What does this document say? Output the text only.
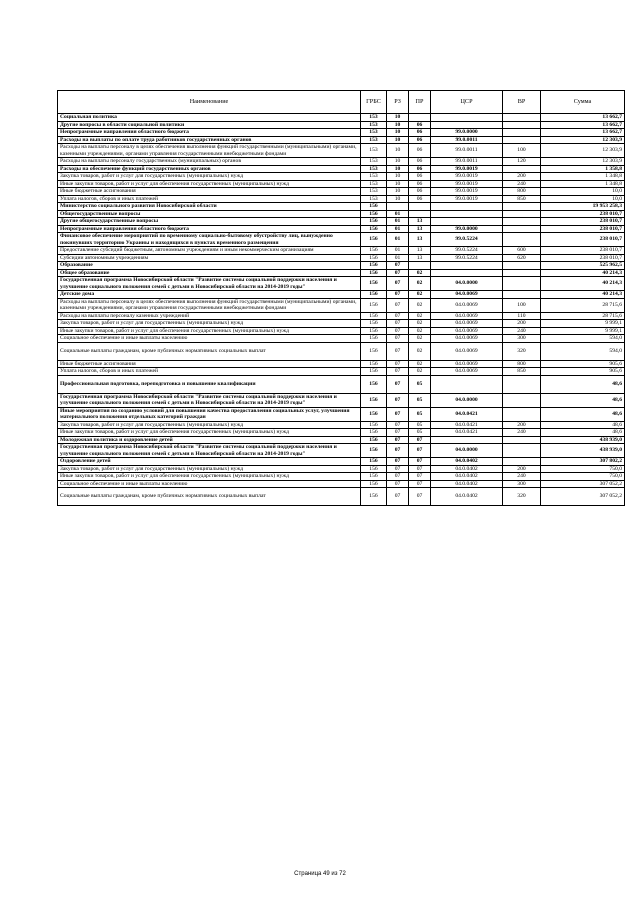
Наименование	ГРБС	РЗ	ПР	ЦСР	ВР	Сумма
Социальная политика	153	10				13 662,7
Другие вопросы в области социальной политики	153	10	06			13 662,7
Непрограммные направления областного бюджета	153	10	06	99.0.0000		13 662,7
Расходы на выплаты по оплате труда работников государственных органов	153	10	06	99.0.0011		12 303,9
Расходы на выплаты персоналу в целях обеспечения выполнения функций государственными (муниципальными) органами, казенными учреждениями, органами управления государственными внебюджетными фондами	153	10	06	99.0.0011	100	12 303,9
Расходы на выплаты персоналу государственных (муниципальных) органов	153	10	06	99.0.0011	120	12 303,9
Расходы на обеспечение функций государственных органов	153	10	06	99.0.0019		1 358,8
Закупка товаров, работ и услуг для государственных (муниципальных) нужд	153	10	06	99.0.0019	200	1 348,8
Иные закупки товаров, работ и услуг для обеспечения государственных (муниципальных) нужд	153	10	06	99.0.0019	240	1 348,8
Иные бюджетные ассигнования	153	10	06	99.0.0019	800	10,0
Уплата налогов, сборов и иных платежей	153	10	06	99.0.0019	850	10,0
Министерство социального развития Новосибирской области	156					19 953 258,3
Общегосударственные вопросы	156	01				238 010,7
Другие общегосударственные вопросы	156	01	13			238 010,7
Непрограммные направления областного бюджета	156	01	13	99.0.0000		238 010,7
Финансовое обеспечение мероприятий по временному социально-бытовому обустройству лиц, вынужденно покинувших территорию Украины и находящихся в пунктах временного размещения	156	01	13	99.0.5224		238 010,7
Предоставление субсидий бюджетным, автономным учреждениям и иным некоммерческим организациям	156	01	13	99.0.5224	600	238 010,7
Субсидии автономным учреждениям	156	01	13	99.0.5224	620	238 010,7
Образование	156	07				525 962,5
Общее образование	156	07	02			40 214,3
Государственная программа Новосибирской области "Развитие системы социальной поддержки населения и улучшение социального положения семей с детьми в Новосибирской области на 2014-2019 годы"	156	07	02	04.0.0000		40 214,3
Детские дома	156	07	02	04.0.0069		40 214,3
Расходы на выплаты персоналу в целях обеспечения выполнения функций государственными (муниципальными) органами, казенными учреждениями, органами управления государственными внебюджетными фондами	156	07	02	04.0.0069	100	28 715,6
Расходы на выплаты персоналу казенных учреждений	156	07	02	04.0.0069	110	28 715,6
Закупка товаров, работ и услуг для государственных (муниципальных) нужд	156	07	02	04.0.0069	200	9 999,1
Иные закупки товаров, работ и услуг для обеспечения государственных (муниципальных) нужд	156	07	02	04.0.0069	240	9 999,1
Социальное обеспечение и иные выплаты населению	156	07	02	04.0.0069	300	594,0
Социальные выплаты гражданам, кроме публичных нормативных социальных выплат	156	07	02	04.0.0069	320	594,0
Иные бюджетные ассигнования	156	07	02	04.0.0069	800	905,6
Уплата налогов, сборов и иных платежей	156	07	02	04.0.0069	850	905,6
Профессиональная подготовка, переподготовка и повышение квалификации	156	07	05			48,6
Государственная программа Новосибирской области "Развитие системы социальной поддержки населения и улучшение социального положения семей с детьми в Новосибирской области на 2014-2019 годы"	156	07	05	04.0.0000		48,6
Иные мероприятия по созданию условий для повышения качества предоставления социальных услуг, улучшения материального положения отдельных категорий граждан	156	07	05	04.0.0421		48,6
Закупка товаров, работ и услуг для государственных (муниципальных) нужд	156	07	05	04.0.0421	200	48,6
Иные закупки товаров, работ и услуг для обеспечения государственных (муниципальных) нужд	156	07	05	04.0.0421	240	48,6
Молодежная политика и оздоровление детей	156	07	07			438 939,0
Государственная программа Новосибирской области "Развитие системы социальной поддержки населения и улучшение социального положения семей с детьми в Новосибирской области на 2014-2019 годы"	156	07	07	04.0.0000		438 939,0
Оздоровление детей	156	07	07	04.0.0402		307 802,2
Закупка товаров, работ и услуг для государственных (муниципальных) нужд	156	07	07	04.0.0402	200	750,0
Иные закупки товаров, работ и услуг для обеспечения государственных (муниципальных) нужд	156	07	07	04.0.0402	240	750,0
Социальное обеспечение и иные выплаты населению	156	07	07	04.0.0402	300	307 052,2
Социальные выплаты гражданам, кроме публичных нормативных социальных выплат	156	07	07	04.0.0402	320	307 052,2
Страница 49 из 72
